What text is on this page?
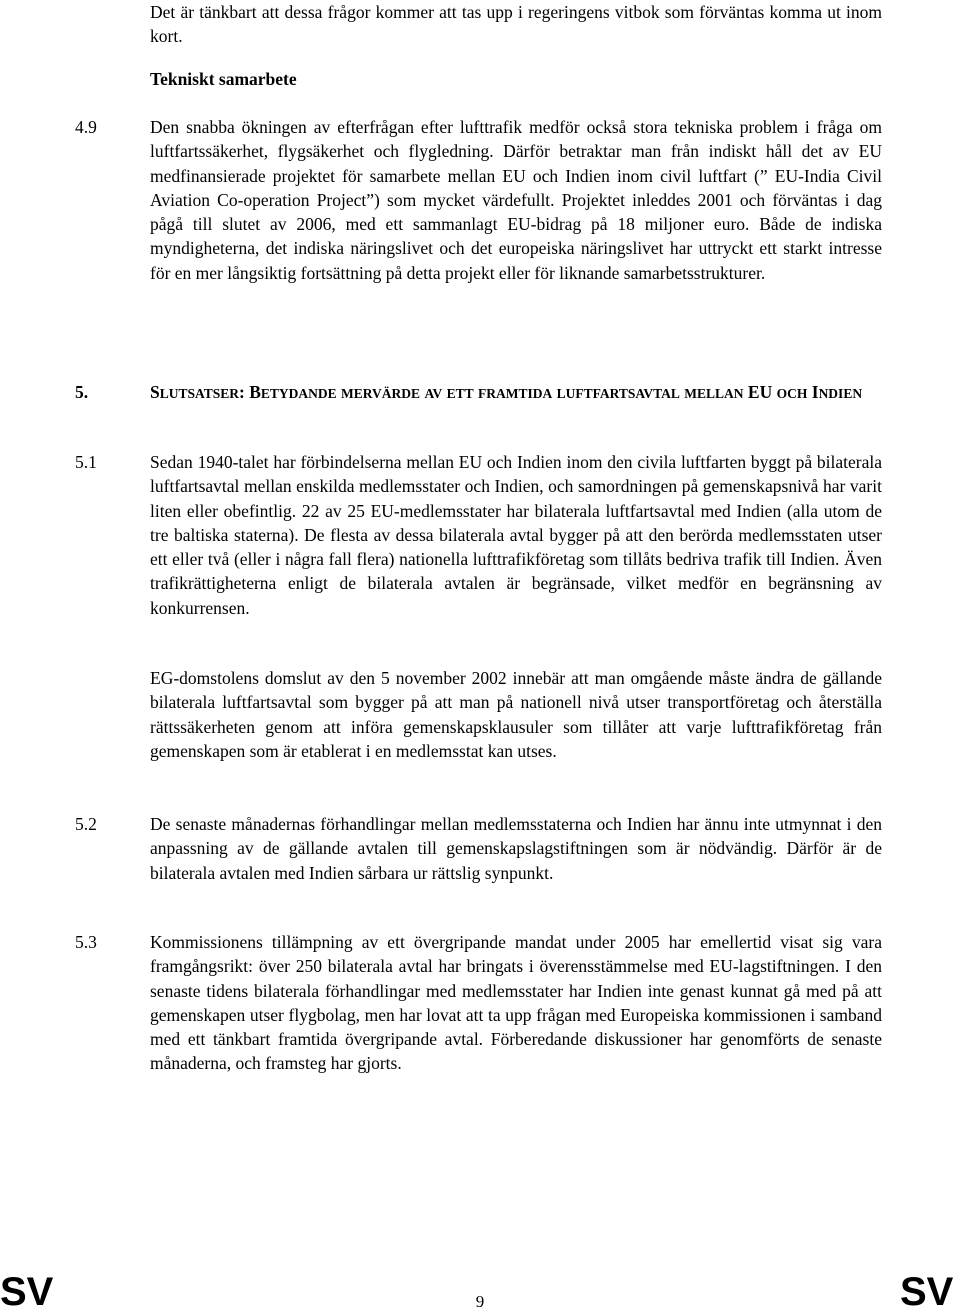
Det är tänkbart att dessa frågor kommer att tas upp i regeringens vitbok som förväntas komma ut inom kort.
Tekniskt samarbete
4.9	Den snabba ökningen av efterfrågan efter lufttrafik medför också stora tekniska problem i fråga om luftfartssäkerhet, flygsäkerhet och flygledning. Därför betraktar man från indiskt håll det av EU medfinansierade projektet för samarbete mellan EU och Indien inom civil luftfart (” EU-India Civil Aviation Co-operation Project”) som mycket värdefullt. Projektet inleddes 2001 och förväntas i dag pågå till slutet av 2006, med ett sammanlagt EU-bidrag på 18 miljoner euro. Både de indiska myndigheterna, det indiska näringslivet och det europeiska näringslivet har uttryckt ett starkt intresse för en mer långsiktig fortsättning på detta projekt eller för liknande samarbetsstrukturer.
5.	SLUTSATSER: BETYDANDE MERVÄRDE AV ETT FRAMTIDA LUFTFARTSAVTAL MELLAN EU OCH INDIEN
5.1	Sedan 1940-talet har förbindelserna mellan EU och Indien inom den civila luftfarten byggt på bilaterala luftfartsavtal mellan enskilda medlemsstater och Indien, och samordningen på gemenskapsnivå har varit liten eller obefintlig. 22 av 25 EU-medlemsstater har bilaterala luftfartsavtal med Indien (alla utom de tre baltiska staterna). De flesta av dessa bilaterala avtal bygger på att den berörda medlemsstaten utser ett eller två (eller i några fall flera) nationella lufttrafikföretag som tillåts bedriva trafik till Indien. Även trafikrättigheterna enligt de bilaterala avtalen är begränsade, vilket medför en begränsning av konkurrensen.
EG-domstolens domslut av den 5 november 2002 innebär att man omgående måste ändra de gällande bilaterala luftfartsavtal som bygger på att man på nationell nivå utser transportföretag och återställa rättssäkerheten genom att införa gemenskapsklausuler som tillåter att varje lufttrafikföretag från gemenskapen som är etablerat i en medlemsstat kan utses.
5.2	De senaste månadernas förhandlingar mellan medlemsstaterna och Indien har ännu inte utmynnat i den anpassning av de gällande avtalen till gemenskapslagstiftningen som är nödvändig. Därför är de bilaterala avtalen med Indien sårbara ur rättslig synpunkt.
5.3	Kommissionens tillämpning av ett övergripande mandat under 2005 har emellertid visat sig vara framgångsrikt: över 250 bilaterala avtal har bringats i överensstämmelse med EU-lagstiftningen. I den senaste tidens bilaterala förhandlingar med medlemsstater har Indien inte genast kunnat gå med på att gemenskapen utser flygbolag, men har lovat att ta upp frågan med Europeiska kommissionen i samband med ett tänkbart framtida övergripande avtal. Förberedande diskussioner har genomförts de senaste månaderna, och framsteg har gjorts.
SV	9	SV
